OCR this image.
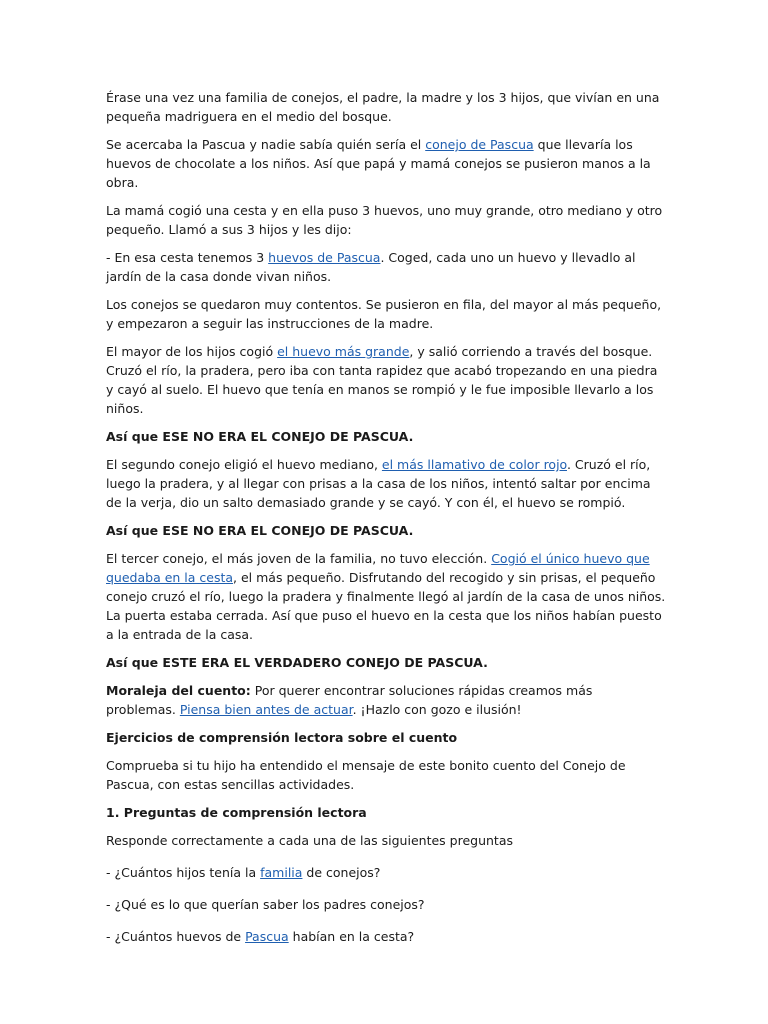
Érase una vez una familia de conejos, el padre, la madre y los 3 hijos, que vivían en una pequeña madriguera en el medio del bosque.

Se acercaba la Pascua y nadie sabía quién sería el conejo de Pascua que llevaría los huevos de chocolate a los niños. Así que papá y mamá conejos se pusieron manos a la obra.

La mamá cogió una cesta y en ella puso 3 huevos, uno muy grande, otro mediano y otro pequeño. Llamó a sus 3 hijos y les dijo:

- En esa cesta tenemos 3 huevos de Pascua. Coged, cada uno un huevo y llevadlo al jardín de la casa donde vivan niños.

Los conejos se quedaron muy contentos. Se pusieron en fila, del mayor al más pequeño, y empezaron a seguir las instrucciones de la madre.

El mayor de los hijos cogió el huevo más grande, y salió corriendo a través del bosque. Cruzó el río, la pradera, pero iba con tanta rapidez que acabó tropezando en una piedra y cayó al suelo. El huevo que tenía en manos se rompió y le fue imposible llevarlo a los niños.

Así que ESE NO ERA EL CONEJO DE PASCUA.

El segundo conejo eligió el huevo mediano, el más llamativo de color rojo. Cruzó el río, luego la pradera, y al llegar con prisas a la casa de los niños, intentó saltar por encima de la verja, dio un salto demasiado grande y se cayó. Y con él, el huevo se rompió.

Así que ESE NO ERA EL CONEJO DE PASCUA.

El tercer conejo, el más joven de la familia, no tuvo elección. Cogió el único huevo que quedaba en la cesta, el más pequeño. Disfrutando del recogido y sin prisas, el pequeño conejo cruzó el río, luego la pradera y finalmente llegó al jardín de la casa de unos niños. La puerta estaba cerrada. Así que puso el huevo en la cesta que los niños habían puesto a la entrada de la casa.

Así que ESTE ERA EL VERDADERO CONEJO DE PASCUA.

Moraleja del cuento: Por querer encontrar soluciones rápidas creamos más problemas. Piensa bien antes de actuar. ¡Hazlo con gozo e ilusión!

Ejercicios de comprensión lectora sobre el cuento

Comprueba si tu hijo ha entendido el mensaje de este bonito cuento del Conejo de Pascua, con estas sencillas actividades.

1. Preguntas de comprensión lectora

Responde correctamente a cada una de las siguientes preguntas

- ¿Cuántos hijos tenía la familia de conejos?

- ¿Qué es lo que querían saber los padres conejos?

- ¿Cuántos huevos de Pascua habían en la cesta?
